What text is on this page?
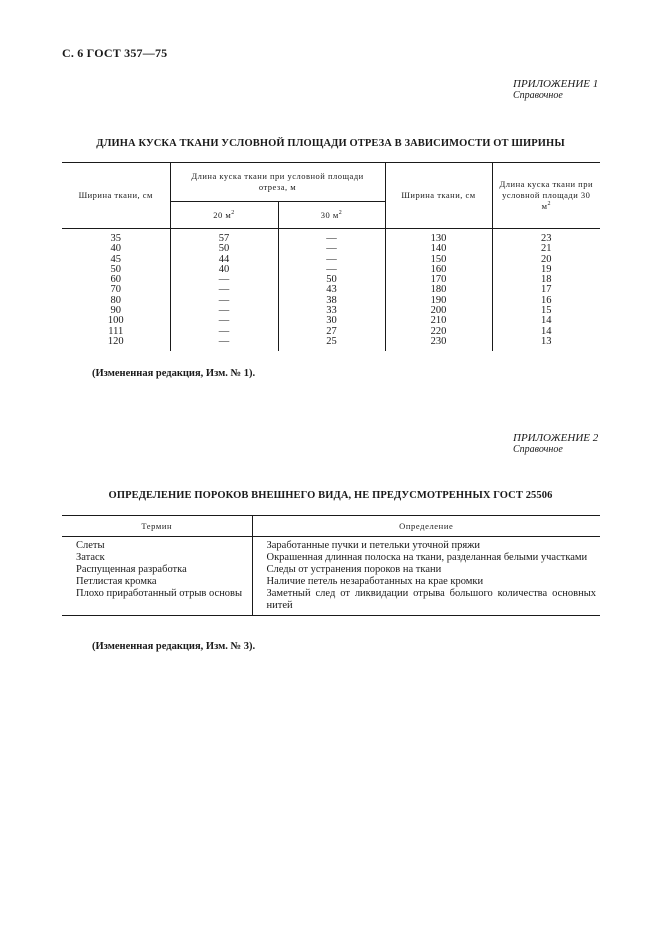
С. 6 ГОСТ 357—75
ПРИЛОЖЕНИЕ 1
Справочное
ДЛИНА КУСКА ТКАНИ УСЛОВНОЙ ПЛОЩАДИ ОТРЕЗА В ЗАВИСИМОСТИ ОТ ШИРИНЫ
Ширина ткани, см	Длина куска ткани при условной площади отреза, м		Ширина ткани, см	Длина куска ткани при условной площади 30 $м^2$
	20 $м^2$	30 $м^2$
35	57	—	130	23
40	50	—	140	21
45	44	—	150	20
50	40	—	160	19
60	—	50	170	18
70	—	43	180	17
80	—	38	190	16
90	—	33	200	15
100	—	30	210	14
111	—	27	220	14
120	—	25	230	13
(Измененная редакция, Изм. № 1).
ПРИЛОЖЕНИЕ 2
Справочное
ОПРЕДЕЛЕНИЕ ПОРОКОВ ВНЕШНЕГО ВИДА, НЕ ПРЕДУСМОТРЕННЫХ ГОСТ 25506
Термин	Определение
Слеты	Заработанные пучки и петельки уточной пряжи
Затаск	Окрашенная длинная полоска на ткани, разделанная белыми участками
Распущенная разработка	Следы от устранения пороков на ткани
Петлистая кромка	Наличие петель незаработанных на крае кромки
Плохо приработанный отрыв основы	Заметный след от ликвидации отрыва большого количества основных нитей
(Измененная редакция, Изм. № 3).
